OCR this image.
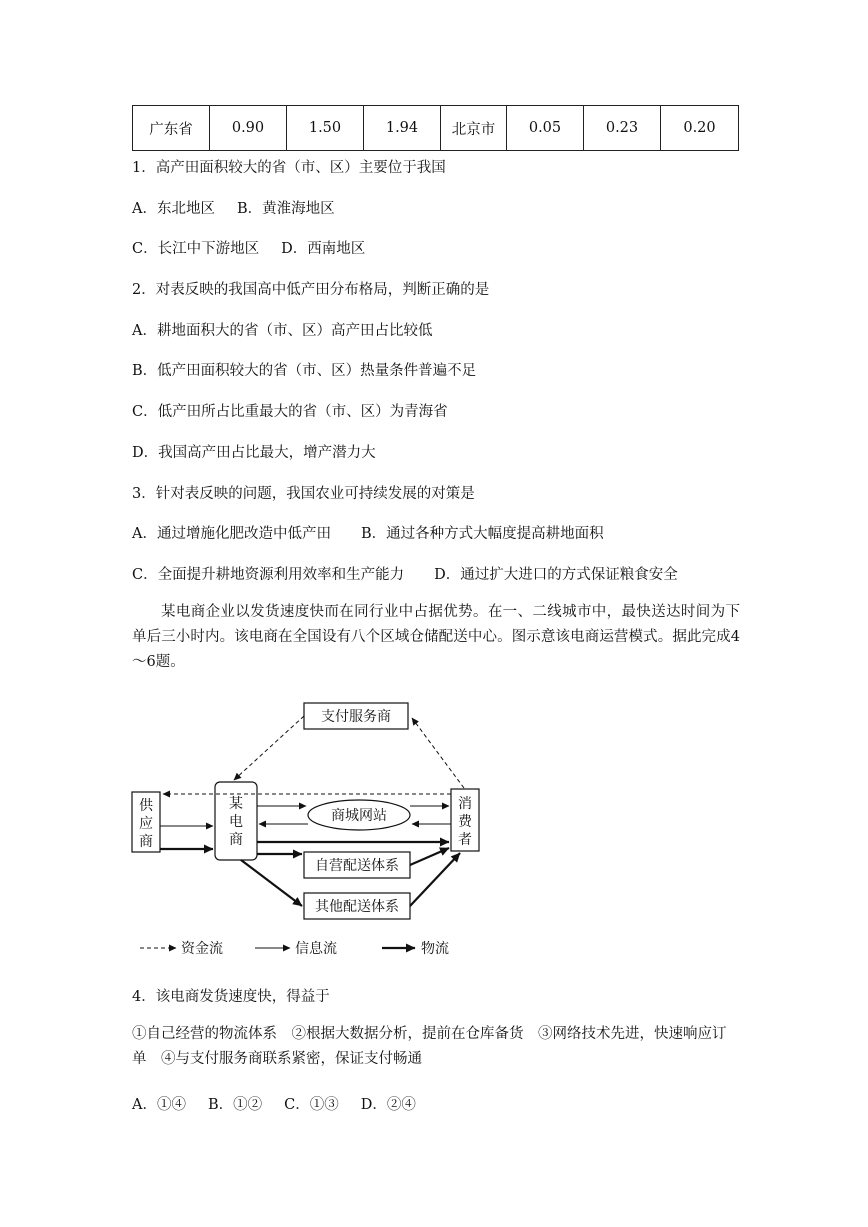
广东省	0.90	1.50	1.94	北京市	0.05	0.23	0.20
1．高产田面积较大的省（市、区）主要位于我国
A．东北地区 B．黄淮海地区
C．长江中下游地区 D．西南地区
2．对表反映的我国高中低产田分布格局，判断正确的是
A．耕地面积大的省（市、区）高产田占比较低
B．低产田面积较大的省（市、区）热量条件普遍不足
C．低产田所占比重最大的省（市、区）为青海省
D．我国高产田占比最大，增产潜力大
3．针对表反映的问题，我国农业可持续发展的对策是
A．通过增施化肥改造中低产田 B．通过各种方式大幅度提高耕地面积
C．全面提升耕地资源利用效率和生产能力 D．通过扩大进口的方式保证粮食安全
某电商企业以发货速度快而在同行业中占据优势。在一、二线城市中，最快送达时间为下单后三小时内。该电商在全国设有八个区域仓储配送中心。图示意该电商运营模式。据此完成4～6题。
支付服务商
供
应
商
某
电
商
消
费
者
商城网站
自营配送体系
其他配送体系
资金流	信息流	物流
4．该电商发货速度快，得益于
①自己经营的物流体系　②根据大数据分析，提前在仓库备货　③网络技术先进，快速响应订单　④与支付服务商联系紧密，保证支付畅通
A．①④ B．①② C．①③ D．②④
